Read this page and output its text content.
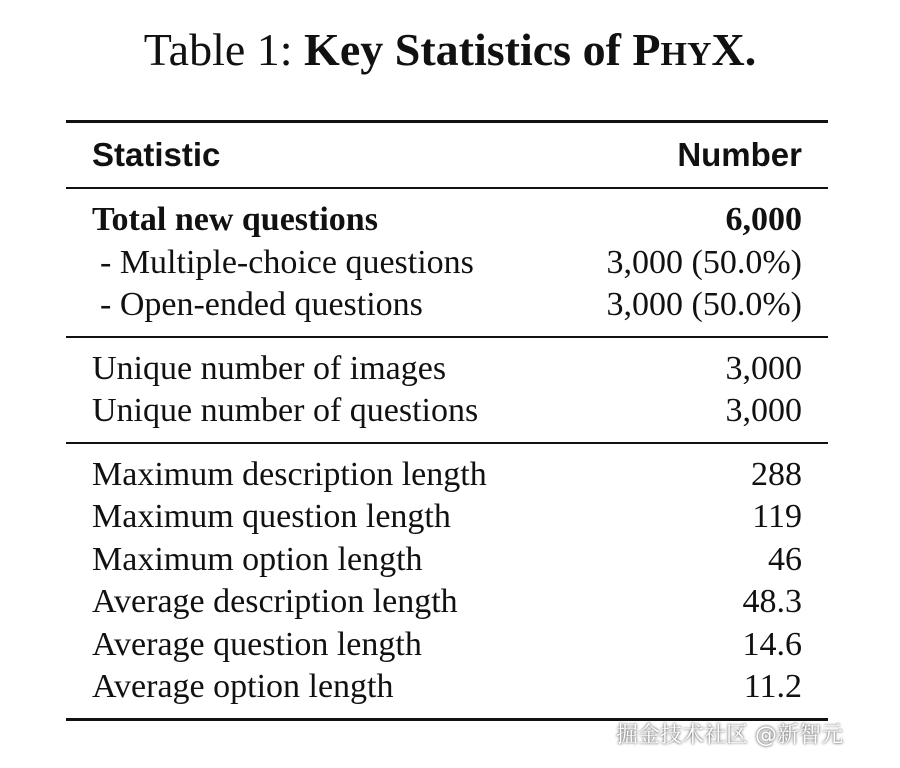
Table 1: Key Statistics of PHYX.
Statistic	Number
Total new questions	6,000
- Multiple-choice questions	3,000 (50.0%)
- Open-ended questions	3,000 (50.0%)
Unique number of images	3,000
Unique number of questions	3,000
Maximum description length	288
Maximum question length	119
Maximum option length	46
Average description length	48.3
Average question length	14.6
Average option length	11.2
掘金技术社区 @新智元
